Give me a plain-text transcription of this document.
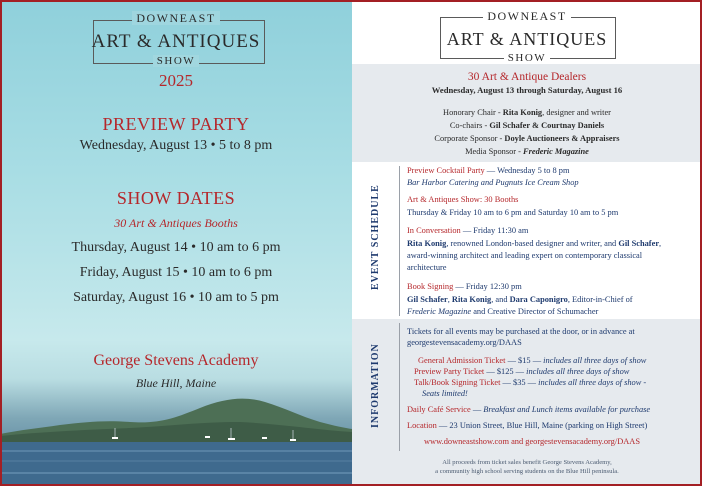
DOWNEAST
ART & ANTIQUES
SHOW
2025
PREVIEW PARTY
Wednesday, August 13 • 5 to 8 pm
SHOW DATES
30 Art & Antiques Booths
Thursday, August 14 • 10 am to 6 pm
Friday, August 15 • 10 am to 6 pm
Saturday, August 16 • 10 am to 5 pm
George Stevens Academy
Blue Hill, Maine
DOWNEAST
ART & ANTIQUES
SHOW
30 Art & Antique Dealers
Wednesday, August 13 through Saturday, August 16
Honorary Chair - Rita Konig, designer and writer
Co-chairs - Gil Schafer & Courtnay Daniels
Corporate Sponsor - Doyle Auctioneers & Appraisers
Media Sponsor - Frederic Magazine
EVENT SCHEDULE
Preview Cocktail Party — Wednesday 5 to 8 pm
Bar Harbor Catering and Pugnuts Ice Cream Shop
Art & Antiques Show: 30 Booths
Thursday & Friday 10 am to 6 pm and Saturday 10 am to 5 pm
In Conversation — Friday 11:30 am
Rita Konig, renowned London-based designer and writer, and Gil Schafer,
award-winning architect and leading expert on contemporary classical
architecture
Book Signing — Friday 12:30 pm
Gil Schafer, Rita Konig, and Dara Caponigro, Editor-in-Chief of
Frederic Magazine and Creative Director of Schumacher
INFORMATION
Tickets for all events may be purchased at the door, or in advance at
georgestevensacademy.org/DAAS
General Admission Ticket — $15 — includes all three days of show
Preview Party Ticket — $125 — includes all three days of show
Talk/Book Signing Ticket — $35 — includes all three days of show -
Seats limited!
Daily Café Service — Breakfast and Lunch items available for purchase
Location — 23 Union Street, Blue Hill, Maine (parking on High Street)
www.downeastshow.com and georgestevensacademy.org/DAAS
All proceeds from ticket sales benefit George Stevens Academy,
a community high school serving students on the Blue Hill peninsula.
